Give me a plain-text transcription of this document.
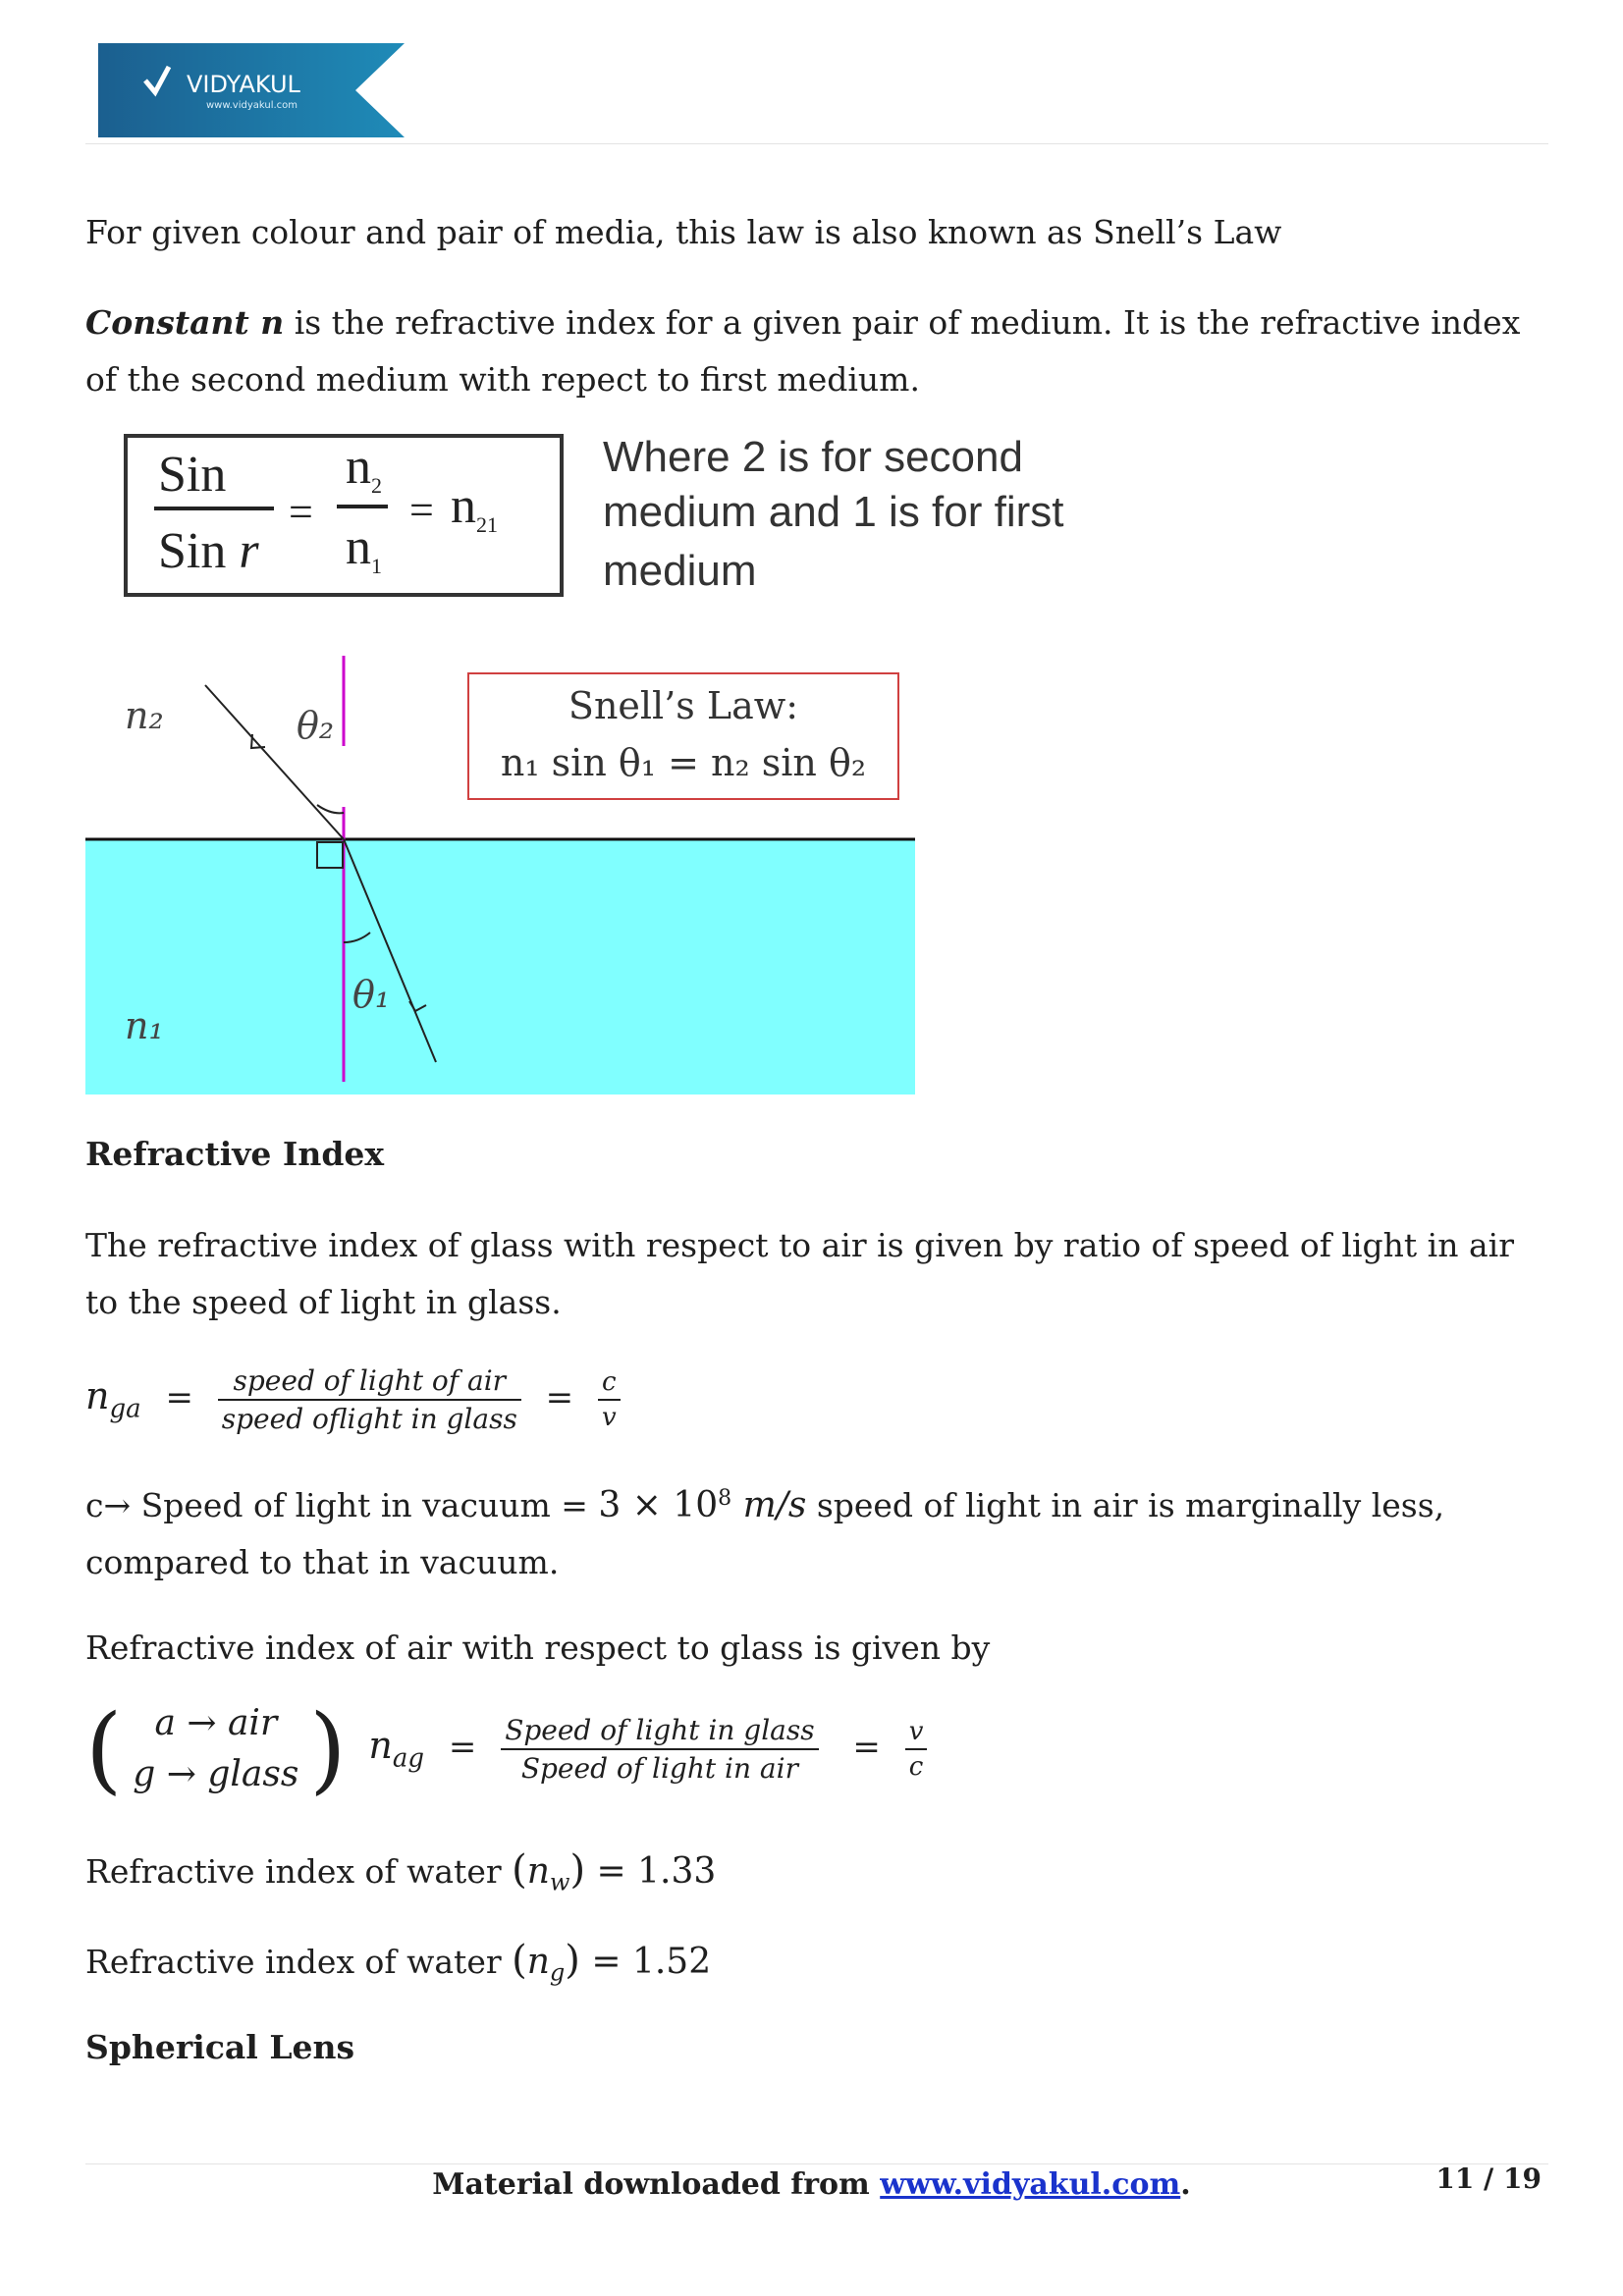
VIDYAKUL
www.vidyakul.com

For given colour and pair of media, this law is also known as Snell’s Law

Constant n is the refractive index for a given pair of medium. It is the refractive index of the second medium with repect to first medium.

Sin
Sin r
=
n2
n1
= n21
Where 2 is for second
medium and 1 is for first
medium
n₂	θ₂
θ₁
n₁
Snell’s Law:
n₁ sin θ₁ = n₂ sin θ₂
Refractive Index

The refractive index of glass with respect to air is given by ratio of speed of light in air to the speed of light in glass.

$n_{ga} = \frac{\text{speed of light of air}}{\text{speed oflight in glass}} = \frac{c}{v}$

c→ Speed of light in vacuum = $3 \times 10^8$ m/s speed of light in air is marginally less,
compared to that in vacuum.

Refractive index of air with respect to glass is given by

( a → air
g → glass ) $n_{ag} = \frac{\text{Speed of light in glass}}{\text{Speed of light in air}} = \frac{v}{c}$

Refractive index of water $(n_w) = 1.33$

Refractive index of water $(n_g) = 1.52$

Spherical Lens
Material downloaded from www.vidyakul.com.	11 / 19
